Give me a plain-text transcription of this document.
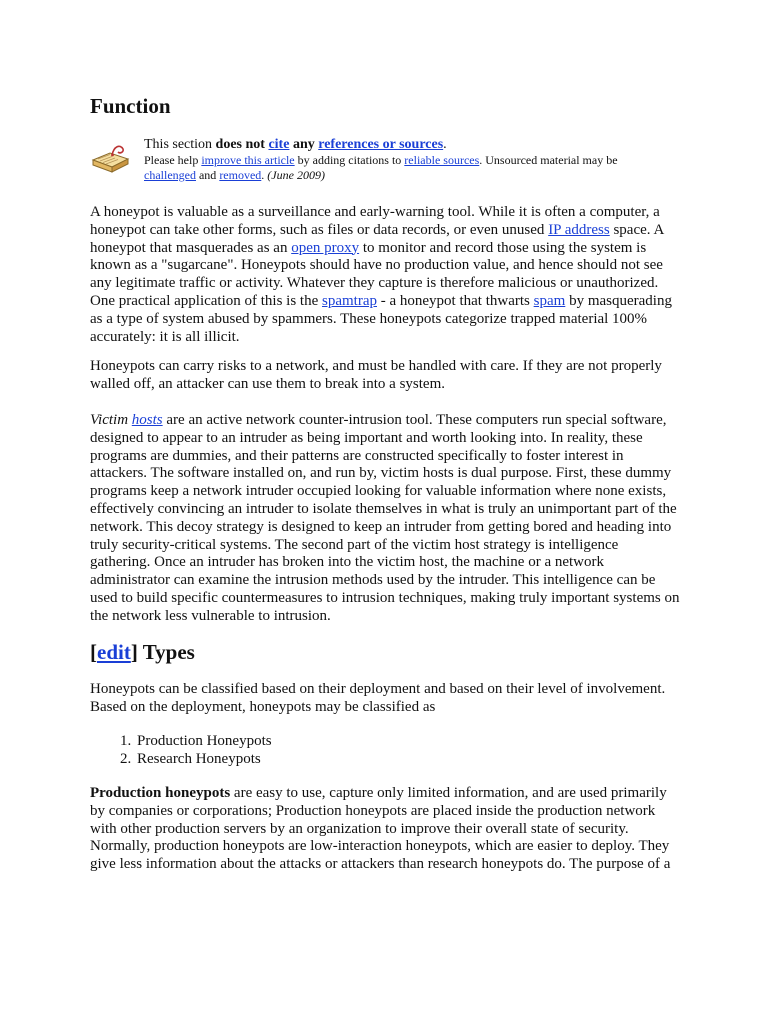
Function
This section does not cite any references or sources.
Please help improve this article by adding citations to reliable sources. Unsourced material may be challenged and removed. (June 2009)

A honeypot is valuable as a surveillance and early-warning tool. While it is often a computer, a honeypot can take other forms, such as files or data records, or even unused IP address space. A honeypot that masquerades as an open proxy to monitor and record those using the system is known as a "sugarcane". Honeypots should have no production value, and hence should not see any legitimate traffic or activity. Whatever they capture is therefore malicious or unauthorized. One practical application of this is the spamtrap - a honeypot that thwarts spam by masquerading as a type of system abused by spammers. These honeypots categorize trapped material 100% accurately: it is all illicit.

Honeypots can carry risks to a network, and must be handled with care. If they are not properly walled off, an attacker can use them to break into a system.

Victim hosts are an active network counter-intrusion tool. These computers run special software, designed to appear to an intruder as being important and worth looking into. In reality, these programs are dummies, and their patterns are constructed specifically to foster interest in attackers. The software installed on, and run by, victim hosts is dual purpose. First, these dummy programs keep a network intruder occupied looking for valuable information where none exists, effectively convincing an intruder to isolate themselves in what is truly an unimportant part of the network. This decoy strategy is designed to keep an intruder from getting bored and heading into truly security-critical systems. The second part of the victim host strategy is intelligence gathering. Once an intruder has broken into the victim host, the machine or a network administrator can examine the intrusion methods used by the intruder. This intelligence can be used to build specific countermeasures to intrusion techniques, making truly important systems on the network less vulnerable to intrusion.

[edit] Types

Honeypots can be classified based on their deployment and based on their level of involvement. Based on the deployment, honeypots may be classified as

1. Production Honeypots
2. Research Honeypots

Production honeypots are easy to use, capture only limited information, and are used primarily by companies or corporations; Production honeypots are placed inside the production network with other production servers by an organization to improve their overall state of security. Normally, production honeypots are low-interaction honeypots, which are easier to deploy. They give less information about the attacks or attackers than research honeypots do. The purpose of a
